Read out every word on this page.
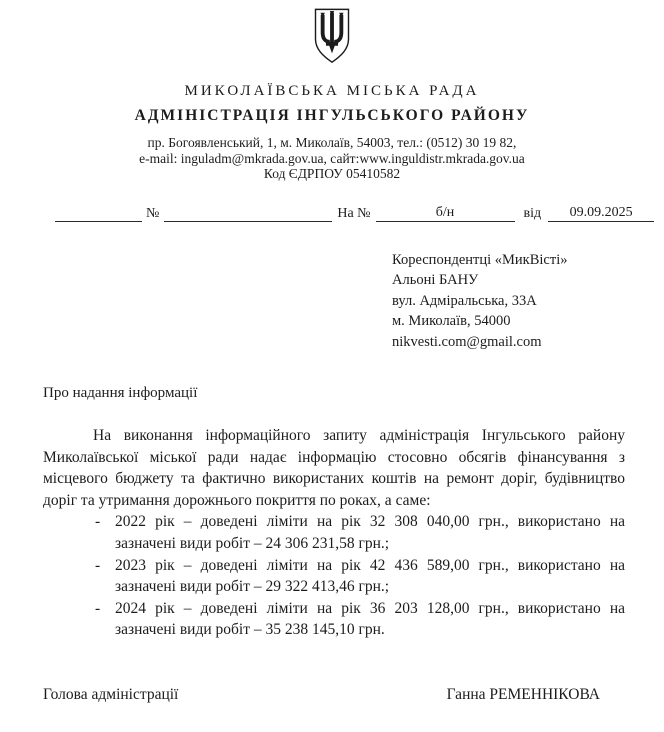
МИКОЛАЇВСЬКА МІСЬКА РАДА
АДМІНІСТРАЦІЯ ІНГУЛЬСЬКОГО РАЙОНУ
пр. Богоявленський, 1, м. Миколаїв, 54003, тел.: (0512) 30 19 82,
e-mail: inguladm@mkrada.gov.ua, сайт:www.inguldistr.mkrada.gov.ua
Код ЄДРПОУ 05410582
№	На №	б/н	від	09.09.2025
Кореспондентці «МикВісті»
Альоні БАНУ
вул. Адміральська, 33А
м. Миколаїв, 54000
nikvesti.com@gmail.com
Про надання інформації

На виконання інформаційного запиту адміністрація Інгульського району Миколаївської міської ради надає інформацію стосовно обсягів фінансування з місцевого бюджету та фактично використаних коштів на ремонт доріг, будівництво доріг та утримання дорожнього покриття по роках, а саме:

- 2022 рік – доведені ліміти на рік 32 308 040,00 грн., використано на зазначені види робіт – 24 306 231,58 грн.;
- 2023 рік – доведені ліміти на рік 42 436 589,00 грн., використано на зазначені види робіт – 29 322 413,46 грн.;
- 2024 рік – доведені ліміти на рік 36 203 128,00 грн., використано на зазначені види робіт – 35 238 145,10 грн.
Голова адміністрації	Ганна РЕМЕННІКОВА
